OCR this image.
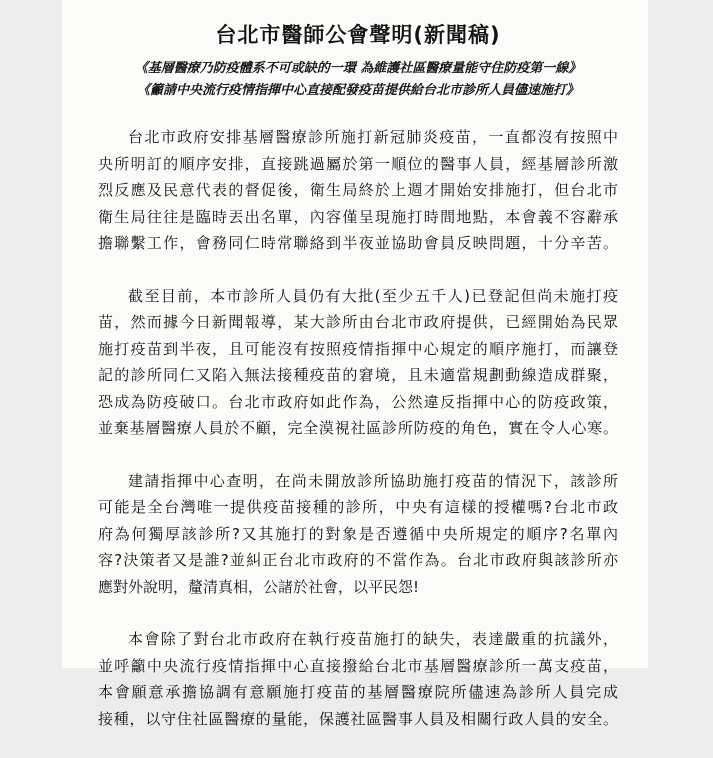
台北市醫師公會聲明(新聞稿)
《基層醫療乃防疫體系不可或缺的一環 為維護社區醫療量能守住防疫第一線》
《籲請中央流行疫情指揮中心直接配發疫苗提供給台北市診所人員儘速施打》
台北市政府安排基層醫療診所施打新冠肺炎疫苗，一直都沒有按照中
央所明訂的順序安排，直接跳過屬於第一順位的醫事人員，經基層診所激
烈反應及民意代表的督促後，衛生局終於上週才開始安排施打，但台北市
衛生局往往是臨時丟出名單，內容僅呈現施打時間地點，本會義不容辭承
擔聯繫工作，會務同仁時常聯絡到半夜並協助會員反映問題，十分辛苦。
截至目前，本市診所人員仍有大批(至少五千人)已登記但尚未施打疫
苗，然而據今日新聞報導，某大診所由台北市政府提供，已經開始為民眾
施打疫苗到半夜，且可能沒有按照疫情指揮中心規定的順序施打，而讓登
記的診所同仁又陷入無法接種疫苗的窘境，且未適當規劃動線造成群聚，
恐成為防疫破口。台北市政府如此作為，公然違反指揮中心的防疫政策，
並棄基層醫療人員於不顧，完全漠視社區診所防疫的角色，實在令人心寒。
建請指揮中心查明，在尚未開放診所協助施打疫苗的情況下，該診所
可能是全台灣唯一提供疫苗接種的診所，中央有這樣的授權嗎?台北市政
府為何獨厚該診所?又其施打的對象是否遵循中央所規定的順序?名單內
容?決策者又是誰?並糾正台北市政府的不當作為。台北市政府與該診所亦
應對外說明，釐清真相，公諸於社會，以平民怨!
本會除了對台北市政府在執行疫苗施打的缺失，表達嚴重的抗議外，
並呼籲中央流行疫情指揮中心直接撥給台北市基層醫療診所一萬支疫苗，
本會願意承擔協調有意願施打疫苗的基層醫療院所儘速為診所人員完成
接種，以守住社區醫療的量能，保護社區醫事人員及相關行政人員的安全。
